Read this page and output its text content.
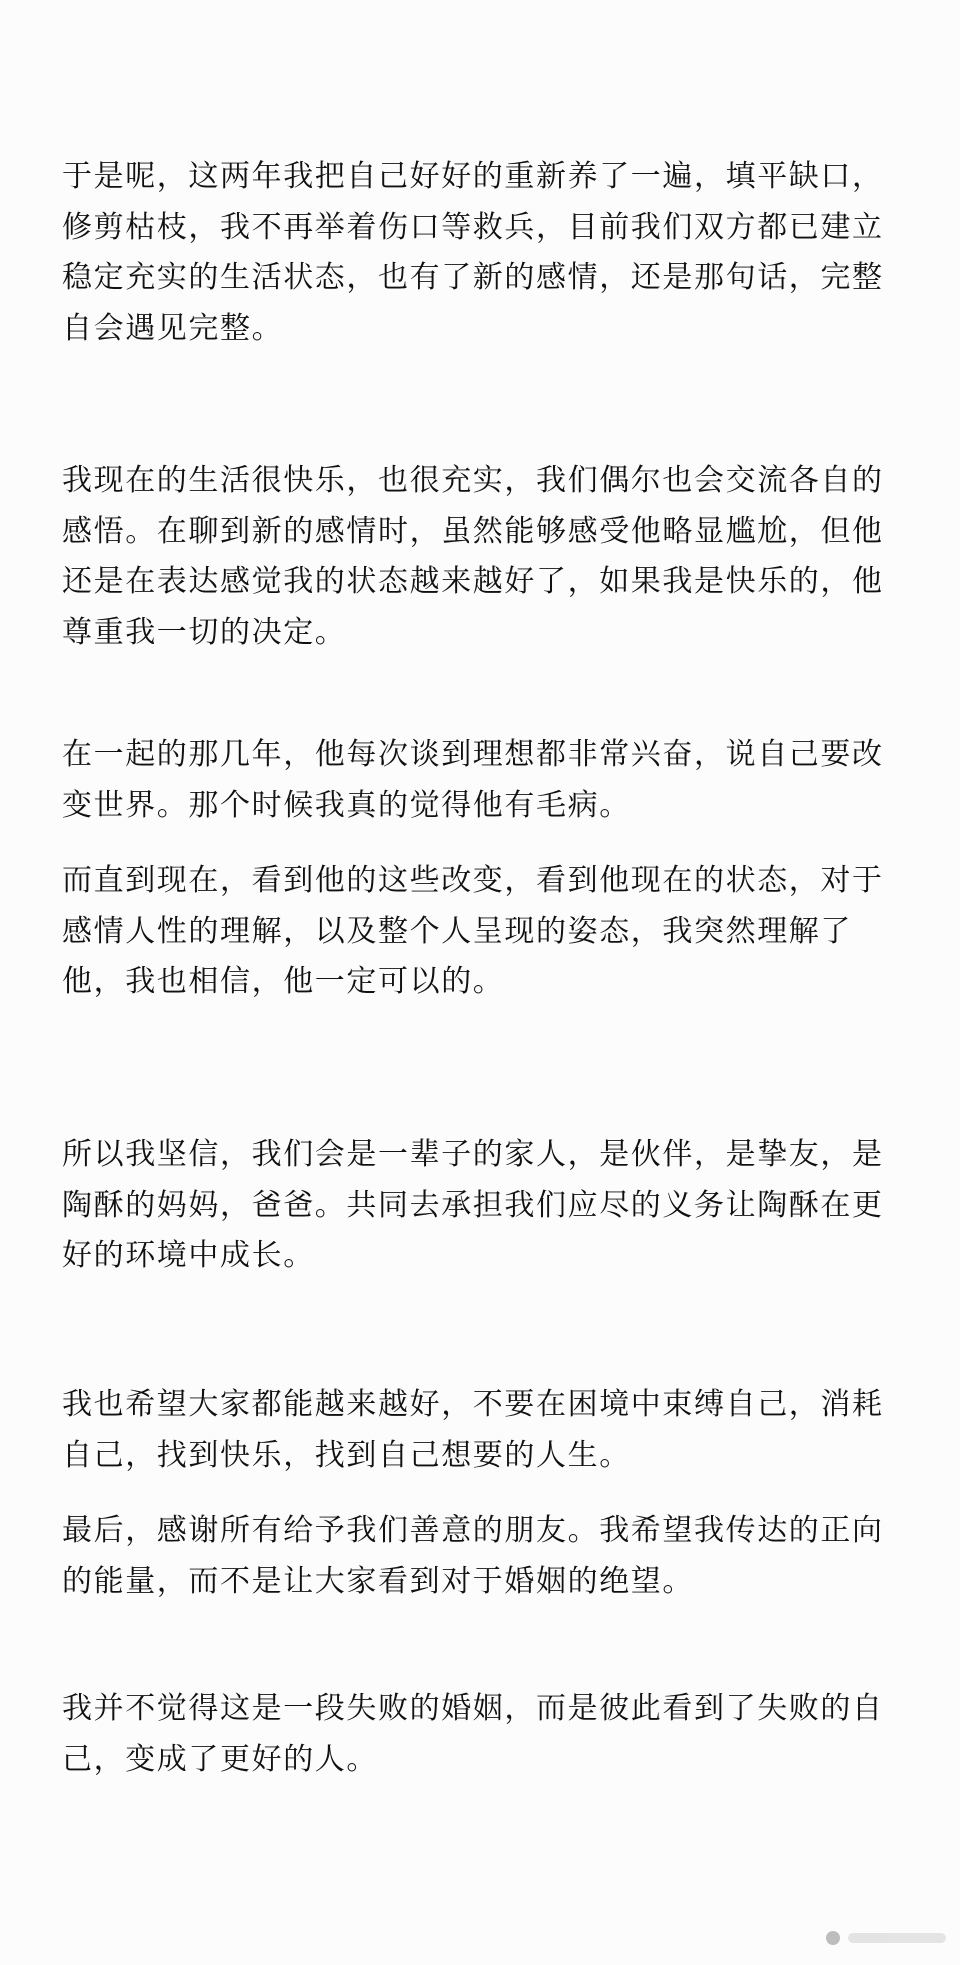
于是呢，这两年我把自己好好的重新养了一遍，填平缺口，修剪枯枝，我不再举着伤口等救兵，目前我们双方都已建立稳定充实的生活状态，也有了新的感情，还是那句话，完整自会遇见完整。

我现在的生活很快乐，也很充实，我们偶尔也会交流各自的感悟。在聊到新的感情时，虽然能够感受他略显尴尬，但他还是在表达感觉我的状态越来越好了，如果我是快乐的，他尊重我一切的决定。

在一起的那几年，他每次谈到理想都非常兴奋，说自己要改变世界。那个时候我真的觉得他有毛病。

而直到现在，看到他的这些改变，看到他现在的状态，对于感情人性的理解，以及整个人呈现的姿态，我突然理解了他，我也相信，他一定可以的。

所以我坚信，我们会是一辈子的家人，是伙伴，是挚友，是陶酥的妈妈，爸爸。共同去承担我们应尽的义务让陶酥在更好的环境中成长。

我也希望大家都能越来越好，不要在困境中束缚自己，消耗自己，找到快乐，找到自己想要的人生。

最后，感谢所有给予我们善意的朋友。我希望我传达的正向的能量，而不是让大家看到对于婚姻的绝望。

我并不觉得这是一段失败的婚姻，而是彼此看到了失败的自己，变成了更好的人。
